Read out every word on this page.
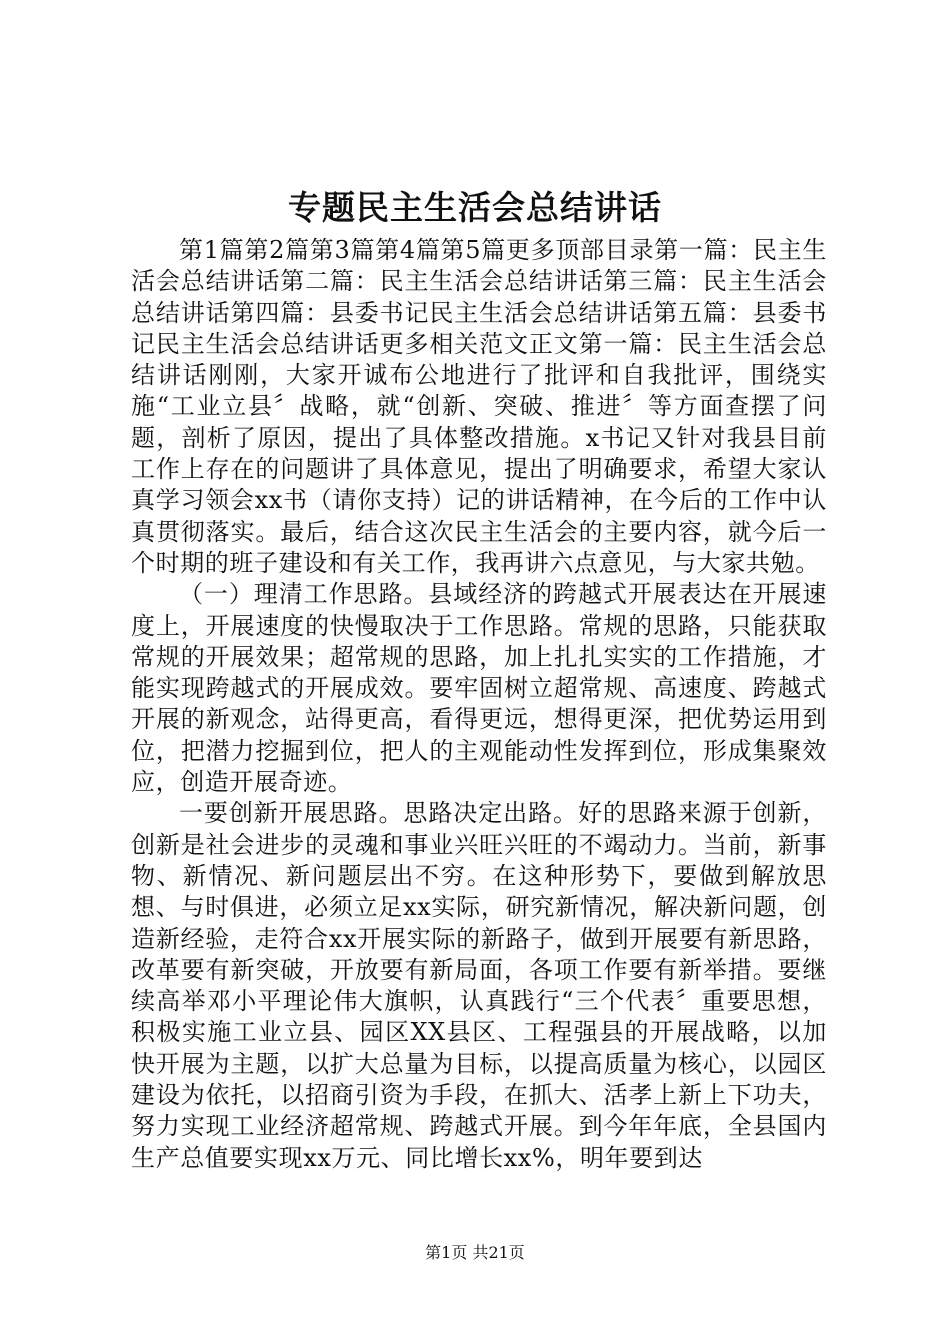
专题民主生活会总结讲话

第1篇第2篇第3篇第4篇第5篇更多顶部目录第一篇：民主生活会总结讲话第二篇：民主生活会总结讲话第三篇：民主生活会总结讲话第四篇：县委书记民主生活会总结讲话第五篇：县委书记民主生活会总结讲话更多相关范文正文第一篇：民主生活会总结讲话刚刚，大家开诚布公地进行了批评和自我批评，围绕实施“工业立县〞战略，就“创新、突破、推进〞等方面查摆了问题，剖析了原因，提出了具体整改措施。x书记又针对我县目前工作上存在的问题讲了具体意见，提出了明确要求，希望大家认真学习领会xx书（请你支持）记的讲话精神，在今后的工作中认真贯彻落实。最后，结合这次民主生活会的主要内容，就今后一个时期的班子建设和有关工作，我再讲六点意见，与大家共勉。

（一）理清工作思路。县域经济的跨越式开展表达在开展速度上，开展速度的快慢取决于工作思路。常规的思路，只能获取常规的开展效果；超常规的思路，加上扎扎实实的工作措施，才能实现跨越式的开展成效。要牢固树立超常规、高速度、跨越式开展的新观念，站得更高，看得更远，想得更深，把优势运用到位，把潜力挖掘到位，把人的主观能动性发挥到位，形成集聚效应，创造开展奇迹。

一要创新开展思路。思路决定出路。好的思路来源于创新，创新是社会进步的灵魂和事业兴旺兴旺的不竭动力。当前，新事物、新情况、新问题层出不穷。在这种形势下，要做到解放思想、与时俱进，必须立足xx实际，研究新情况，解决新问题，创造新经验，走符合xx开展实际的新路子，做到开展要有新思路，改革要有新突破，开放要有新局面，各项工作要有新举措。要继续高举邓小平理论伟大旗帜，认真践行“三个代表〞重要思想，积极实施工业立县、园区XX县区、工程强县的开展战略，以加快开展为主题，以扩大总量为目标，以提高质量为核心，以园区建设为依托，以招商引资为手段，在抓大、活孝上新上下功夫，努力实现工业经济超常规、跨越式开展。到今年年底，全县国内生产总值要实现xx万元、同比增长xx%，明年要到达

第1页 共21页
